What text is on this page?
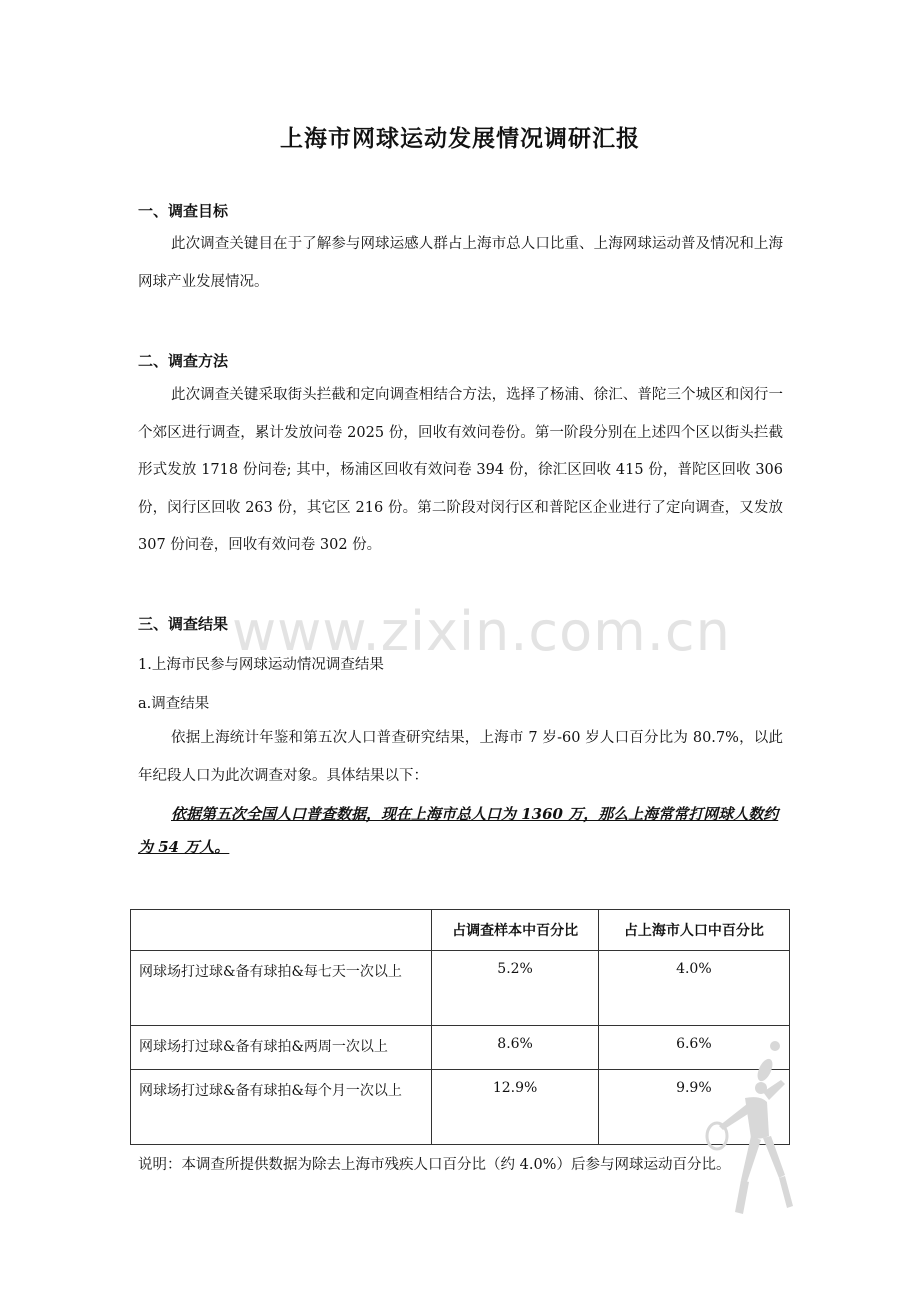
www.zixin.com.cn
上海市网球运动发展情况调研汇报
一、调查目标
此次调查关键目在于了解参与网球运感人群占上海市总人口比重、上海网球运动普及情况和上海网球产业发展情况。
二、调查方法
此次调查关键采取街头拦截和定向调查相结合方法，选择了杨浦、徐汇、普陀三个城区和闵行一个郊区进行调查，累计发放问卷 2025 份，回收有效问卷份。第一阶段分别在上述四个区以街头拦截形式发放 1718 份问卷; 其中，杨浦区回收有效问卷 394 份，徐汇区回收 415 份，普陀区回收 306 份，闵行区回收 263 份，其它区 216 份。第二阶段对闵行区和普陀区企业进行了定向调查，又发放 307 份问卷，回收有效问卷 302 份。
三、调查结果
1.上海市民参与网球运动情况调查结果
a.调查结果
依据上海统计年鉴和第五次人口普查研究结果，上海市 7 岁-60 岁人口百分比为 80.7%，以此年纪段人口为此次调查对象。具体结果以下：
依据第五次全国人口普查数据，现在上海市总人口为 1360 万，那么上海常常打网球人数约为 54 万人。
	占调查样本中百分比	占上海市人口中百分比
网球场打过球&备有球拍&每七天一次以上	5.2%	4.0%
网球场打过球&备有球拍&两周一次以上	8.6%	6.6%
网球场打过球&备有球拍&每个月一次以上	12.9%	9.9%
说明：本调查所提供数据为除去上海市残疾人口百分比（约 4.0%）后参与网球运动百分比。
